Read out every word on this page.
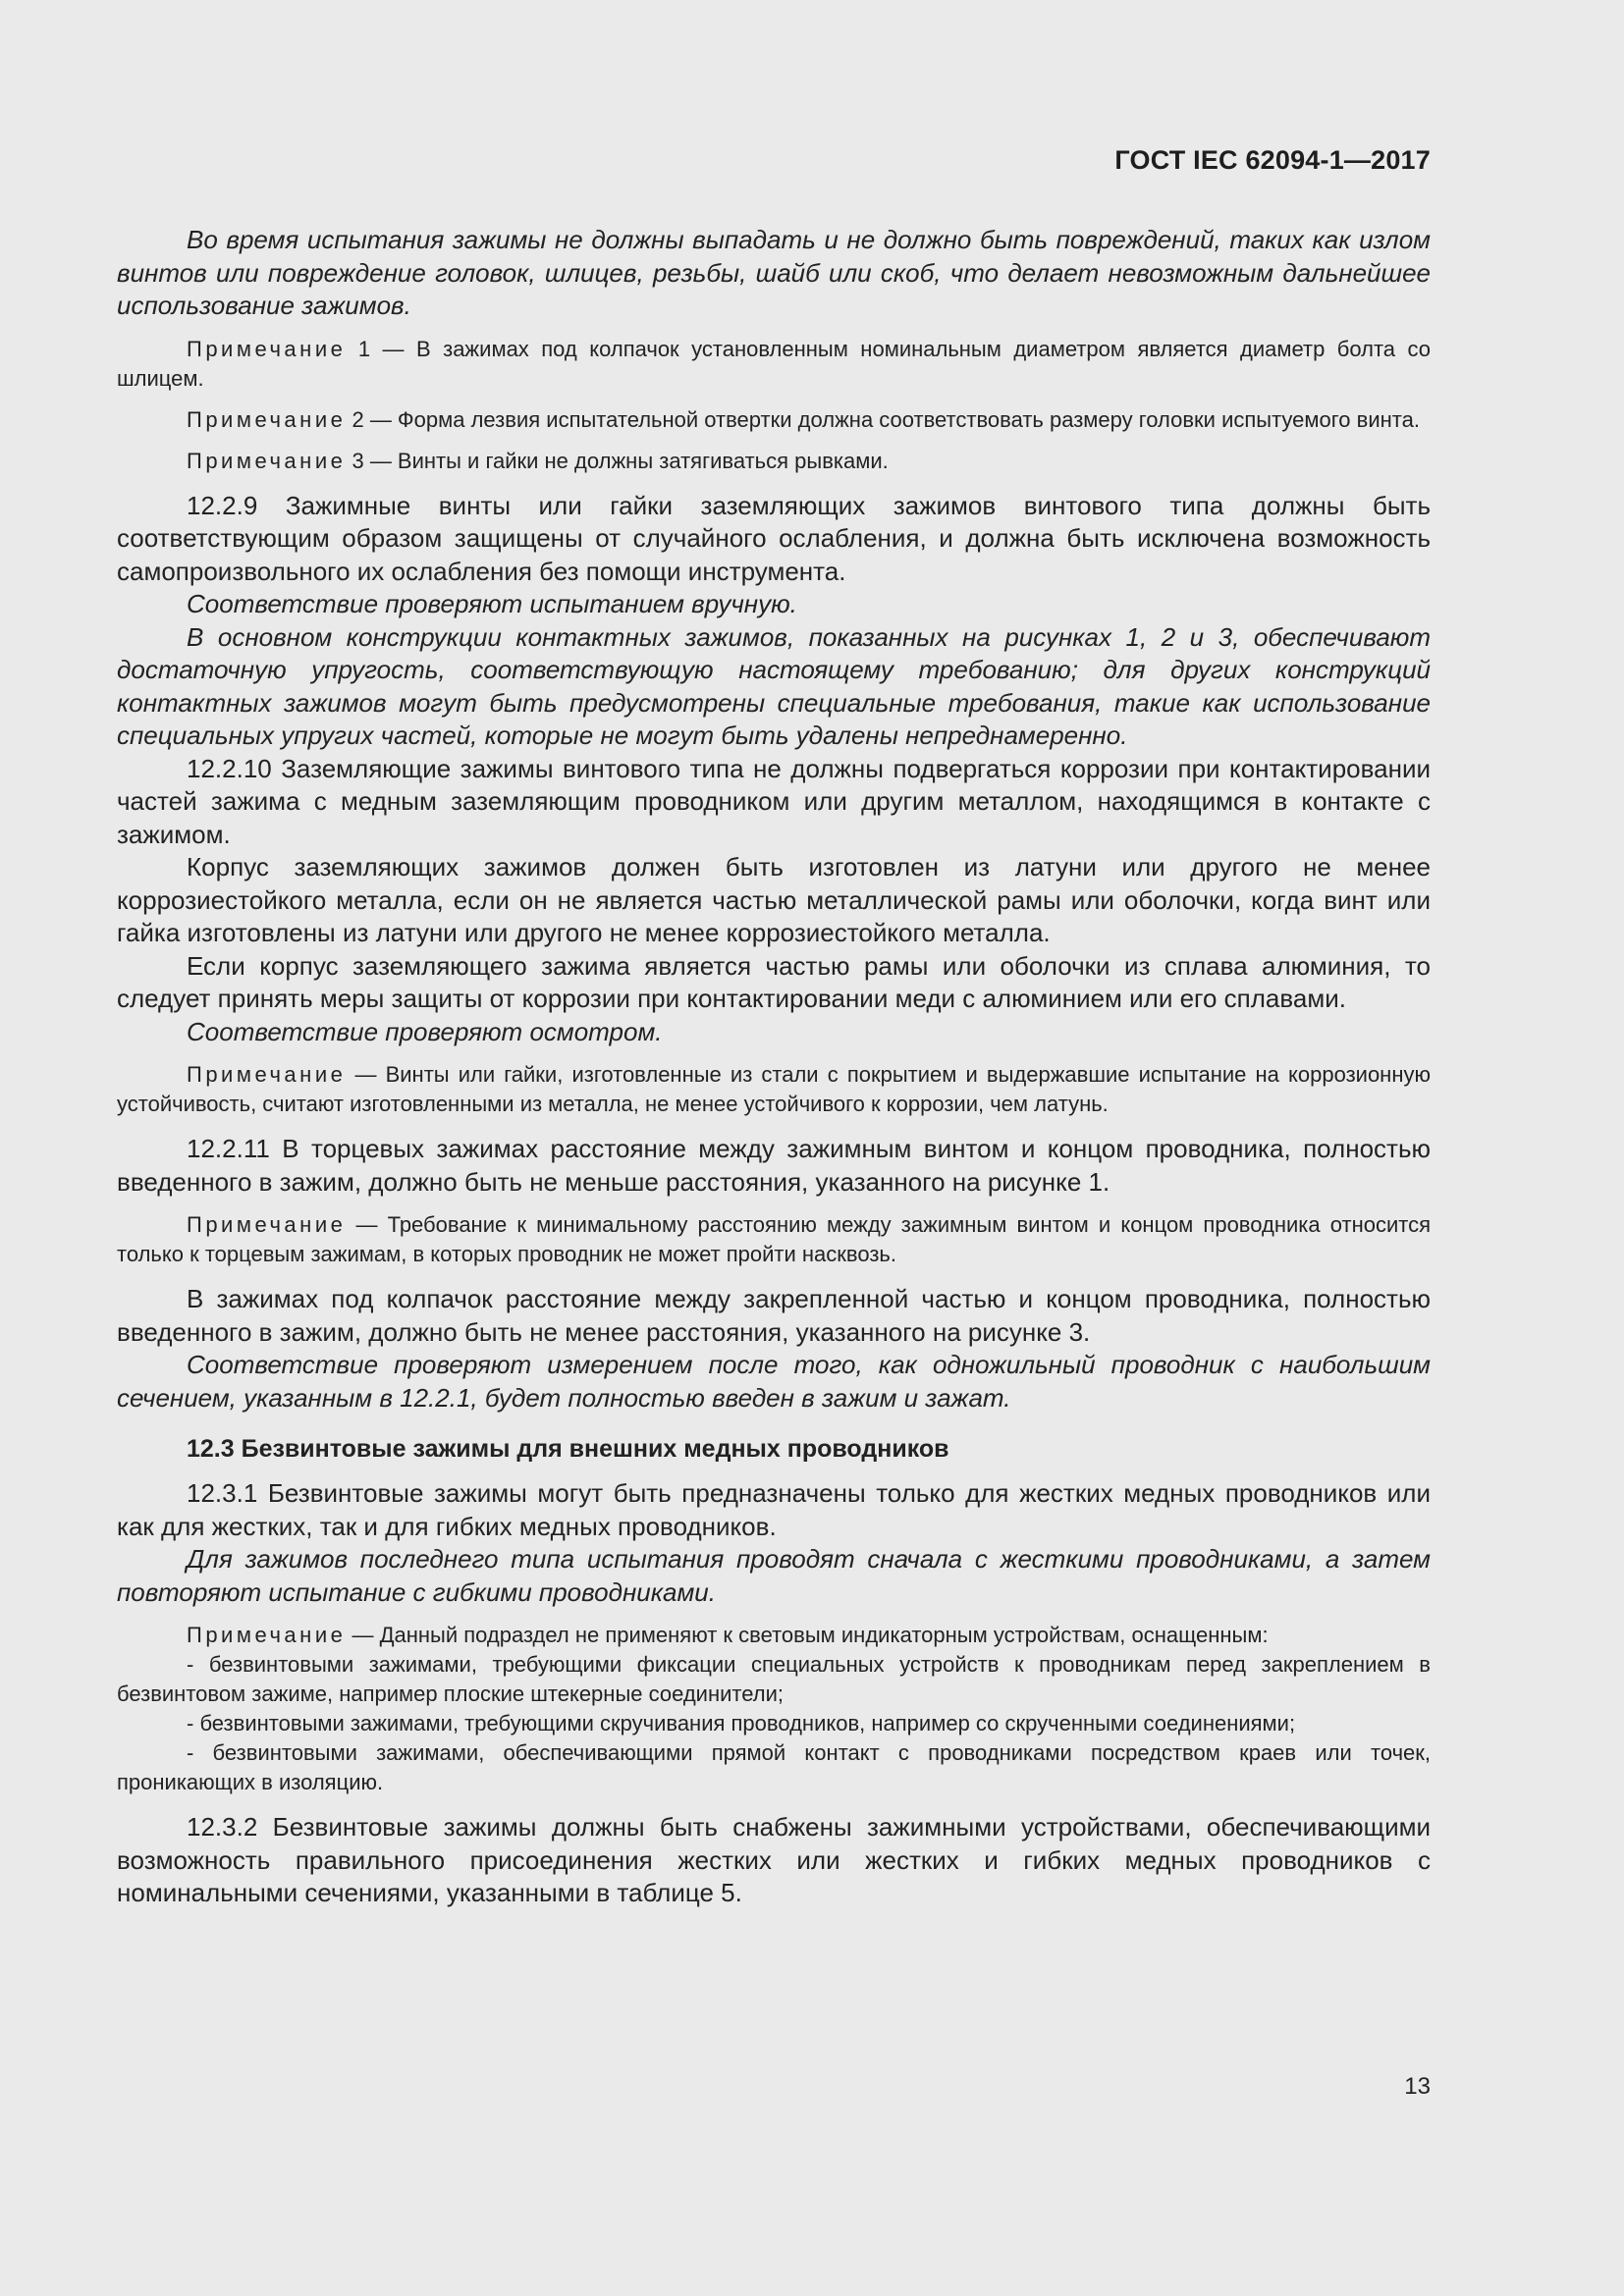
ГОСТ IEC 62094-1—2017

Во время испытания зажимы не должны выпадать и не должно быть повреждений, таких как излом винтов или повреждение головок, шлицев, резьбы, шайб или скоб, что делает невозможным дальнейшее использование зажимов.

Примечание 1 — В зажимах под колпачок установленным номинальным диаметром является диаметр болта со шлицем.

Примечание 2 — Форма лезвия испытательной отвертки должна соответствовать размеру головки испытуемого винта.

Примечание 3 — Винты и гайки не должны затягиваться рывками.

12.2.9 Зажимные винты или гайки заземляющих зажимов винтового типа должны быть соответствующим образом защищены от случайного ослабления, и должна быть исключена возможность самопроизвольного их ослабления без помощи инструмента.

Соответствие проверяют испытанием вручную.

В основном конструкции контактных зажимов, показанных на рисунках 1, 2 и 3, обеспечивают достаточную упругость, соответствующую настоящему требованию; для других конструкций контактных зажимов могут быть предусмотрены специальные требования, такие как использование специальных упругих частей, которые не могут быть удалены непреднамеренно.

12.2.10 Заземляющие зажимы винтового типа не должны подвергаться коррозии при контактировании частей зажима с медным заземляющим проводником или другим металлом, находящимся в контакте с зажимом.

Корпус заземляющих зажимов должен быть изготовлен из латуни или другого не менее коррозиестойкого металла, если он не является частью металлической рамы или оболочки, когда винт или гайка изготовлены из латуни или другого не менее коррозиестойкого металла.

Если корпус заземляющего зажима является частью рамы или оболочки из сплава алюминия, то следует принять меры защиты от коррозии при контактировании меди с алюминием или его сплавами.

Соответствие проверяют осмотром.

Примечание — Винты или гайки, изготовленные из стали с покрытием и выдержавшие испытание на коррозионную устойчивость, считают изготовленными из металла, не менее устойчивого к коррозии, чем латунь.

12.2.11 В торцевых зажимах расстояние между зажимным винтом и концом проводника, полностью введенного в зажим, должно быть не меньше расстояния, указанного на рисунке 1.

Примечание — Требование к минимальному расстоянию между зажимным винтом и концом проводника относится только к торцевым зажимам, в которых проводник не может пройти насквозь.

В зажимах под колпачок расстояние между закрепленной частью и концом проводника, полностью введенного в зажим, должно быть не менее расстояния, указанного на рисунке 3.

Соответствие проверяют измерением после того, как одножильный проводник с наибольшим сечением, указанным в 12.2.1, будет полностью введен в зажим и зажат.

12.3 Безвинтовые зажимы для внешних медных проводников

12.3.1 Безвинтовые зажимы могут быть предназначены только для жестких медных проводников или как для жестких, так и для гибких медных проводников.

Для зажимов последнего типа испытания проводят сначала с жесткими проводниками, а затем повторяют испытание с гибкими проводниками.

Примечание — Данный подраздел не применяют к световым индикаторным устройствам, оснащенным:

- безвинтовыми зажимами, требующими фиксации специальных устройств к проводникам перед закреплением в безвинтовом зажиме, например плоские штекерные соединители;

- безвинтовыми зажимами, требующими скручивания проводников, например со скрученными соединениями;

- безвинтовыми зажимами, обеспечивающими прямой контакт с проводниками посредством краев или точек, проникающих в изоляцию.

12.3.2 Безвинтовые зажимы должны быть снабжены зажимными устройствами, обеспечивающими возможность правильного присоединения жестких или жестких и гибких медных проводников с номинальными сечениями, указанными в таблице 5.

13
